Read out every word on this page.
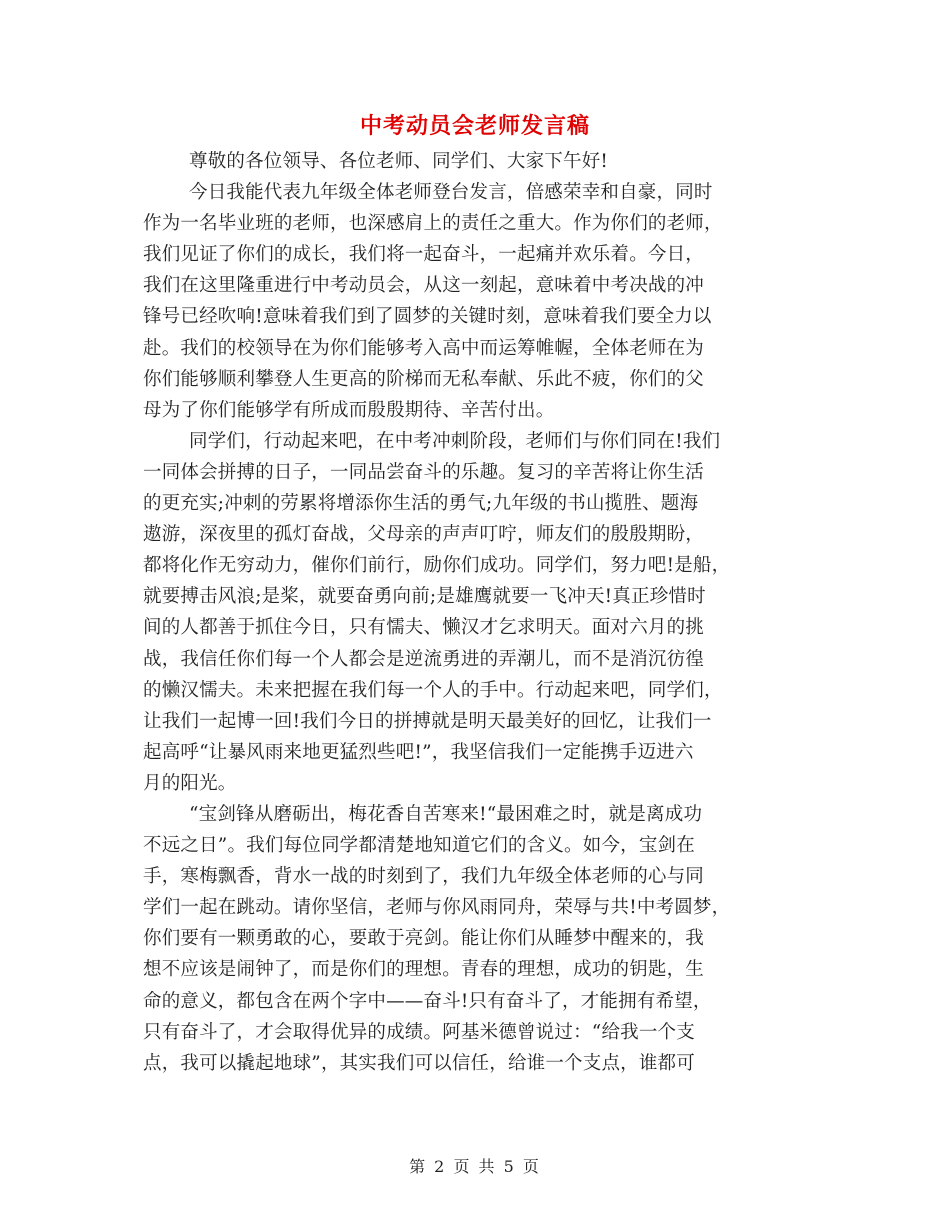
中考动员会老师发言稿
尊敬的各位领导、各位老师、同学们、大家下午好!
今日我能代表九年级全体老师登台发言，倍感荣幸和自豪，同时
作为一名毕业班的老师，也深感肩上的责任之重大。作为你们的老师，
我们见证了你们的成长，我们将一起奋斗，一起痛并欢乐着。今日，
我们在这里隆重进行中考动员会，从这一刻起，意味着中考决战的冲
锋号已经吹响!意味着我们到了圆梦的关键时刻，意味着我们要全力以
赴。我们的校领导在为你们能够考入高中而运筹帷幄，全体老师在为
你们能够顺利攀登人生更高的阶梯而无私奉献、乐此不疲，你们的父
母为了你们能够学有所成而殷殷期待、辛苦付出。
同学们，行动起来吧，在中考冲刺阶段，老师们与你们同在!我们
一同体会拼搏的日子，一同品尝奋斗的乐趣。复习的辛苦将让你生活
的更充实;冲刺的劳累将增添你生活的勇气;九年级的书山揽胜、题海
遨游，深夜里的孤灯奋战，父母亲的声声叮咛，师友们的殷殷期盼，
都将化作无穷动力，催你们前行，励你们成功。同学们，努力吧!是船，
就要搏击风浪;是桨，就要奋勇向前;是雄鹰就要一飞冲天!真正珍惜时
间的人都善于抓住今日，只有懦夫、懒汉才乞求明天。面对六月的挑
战，我信任你们每一个人都会是逆流勇进的弄潮儿，而不是消沉彷徨
的懒汉懦夫。未来把握在我们每一个人的手中。行动起来吧，同学们，
让我们一起博一回!我们今日的拼搏就是明天最美好的回忆，让我们一
起高呼“让暴风雨来地更猛烈些吧!”，我坚信我们一定能携手迈进六
月的阳光。
“宝剑锋从磨砺出，梅花香自苦寒来!“最困难之时，就是离成功
不远之日”。我们每位同学都清楚地知道它们的含义。如今，宝剑在
手，寒梅飘香，背水一战的时刻到了，我们九年级全体老师的心与同
学们一起在跳动。请你坚信，老师与你风雨同舟，荣辱与共!中考圆梦，
你们要有一颗勇敢的心，要敢于亮剑。能让你们从睡梦中醒来的，我
想不应该是闹钟了，而是你们的理想。青春的理想，成功的钥匙，生
命的意义，都包含在两个字中——奋斗!只有奋斗了，才能拥有希望，
只有奋斗了，才会取得优异的成绩。阿基米德曾说过：“给我一个支
点，我可以撬起地球”，其实我们可以信任，给谁一个支点，谁都可
第 2 页 共 5 页
